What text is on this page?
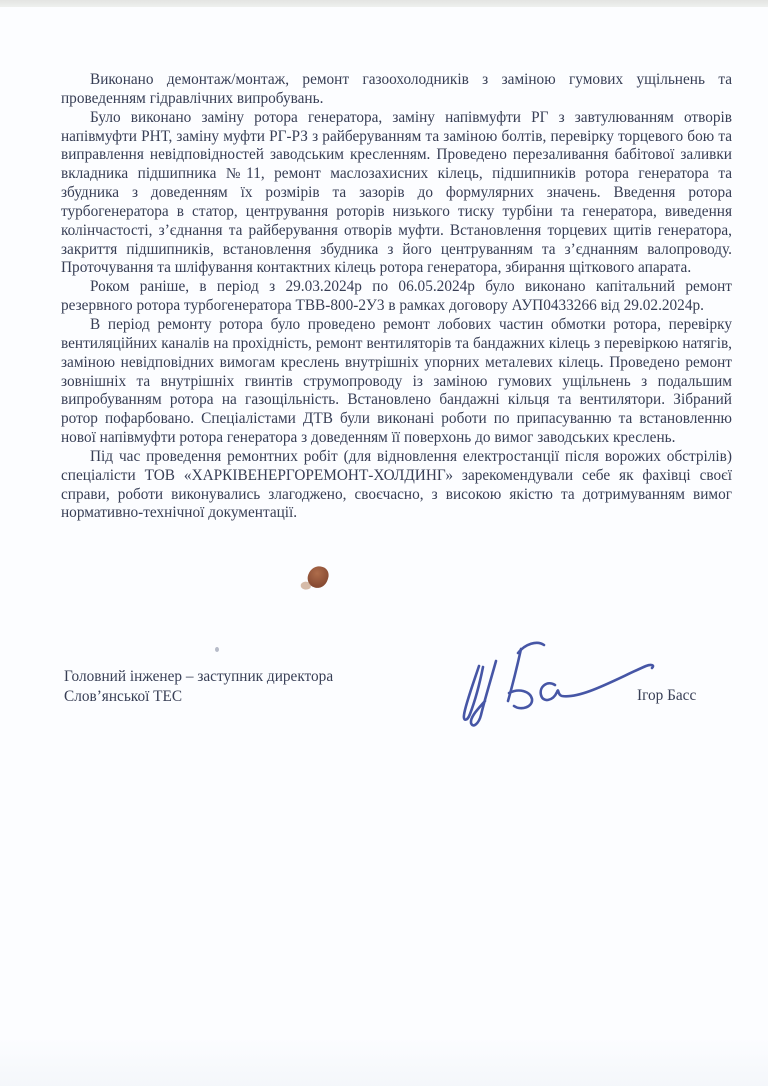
Виконано демонтаж/монтаж, ремонт газоохолодників з заміною гумових ущільнень та проведенням гідравлічних випробувань.

Було виконано заміну ротора генератора, заміну напівмуфти РГ з завтулюванням отворів напівмуфти РНТ, заміну муфти РГ-РЗ з райберуванням та заміною болтів, перевірку торцевого бою та виправлення невідповідностей заводським кресленням. Проведено перезаливання бабітової заливки вкладника підшипника №11, ремонт маслозахисних кілець, підшипників ротора генератора та збудника з доведенням їх розмірів та зазорів до формулярних значень. Введення ротора турбогенератора в статор, центрування роторів низького тиску турбіни та генератора, виведення колінчастості, з’єднання та райберування отворів муфти. Встановлення торцевих щитів генератора, закриття підшипників, встановлення збудника з його центруванням та з’єднанням валопроводу. Проточування та шліфування контактних кілець ротора генератора, збирання щіткового апарата.

Роком раніше, в період з 29.03.2024р по 06.05.2024р було виконано капітальний ремонт резервного ротора турбогенератора ТВВ-800-2У3 в рамках договору АУП0433266 від 29.02.2024р.

В період ремонту ротора було проведено ремонт лобових частин обмотки ротора, перевірку вентиляційних каналів на прохідність, ремонт вентиляторів та бандажних кілець з перевіркою натягів, заміною невідповідних вимогам креслень внутрішніх упорних металевих кілець. Проведено ремонт зовнішніх та внутрішніх гвинтів струмопроводу із заміною гумових ущільнень з подальшим випробуванням ротора на газощільність. Встановлено бандажні кільця та вентилятори. Зібраний ротор пофарбовано. Спеціалістами ДТВ були виконані роботи по припасуванню та встановленню нової напівмуфти ротора генератора з доведенням її поверхонь до вимог заводських креслень.

Під час проведення ремонтних робіт (для відновлення електростанції після ворожих обстрілів) спеціалісти ТОВ «ХАРКІВЕНЕРГОРЕМОНТ-ХОЛДИНГ» зарекомендували себе як фахівці своєї справи, роботи виконувались злагоджено, своєчасно, з високою якістю та дотримуванням вимог нормативно-технічної документації.

Головний інженер – заступник директора
Слов’янської ТЕС	Ігор Басс
